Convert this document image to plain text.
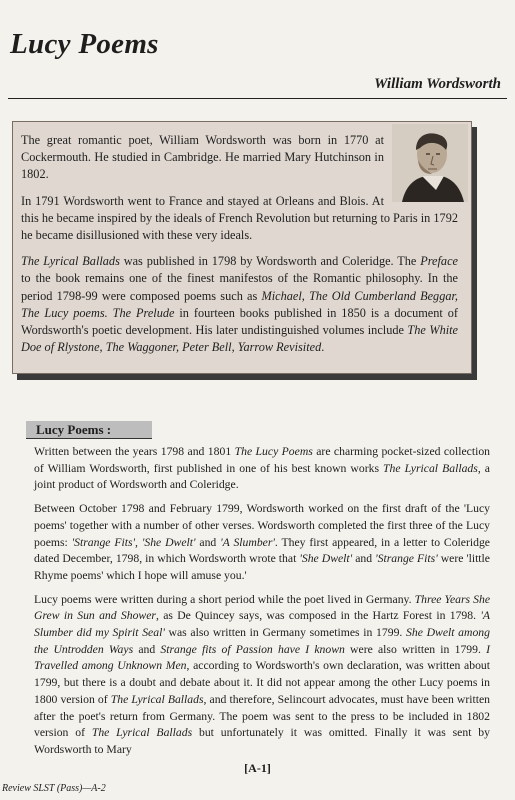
Lucy Poems
William Wordsworth

The great romantic poet, William Wordsworth was born in 1770 at Cockermouth. He studied in Cambridge. He married Mary Hutchinson in 1802.

In 1791 Wordsworth went to France and stayed at Orleans and Blois. At this he became inspired by the ideals of French Revolution but returning to Paris in 1792 he became disillusioned with these very ideals.

The Lyrical Ballads was published in 1798 by Wordsworth and Coleridge. The Preface to the book remains one of the finest manifestos of the Romantic philosophy. In the period 1798-99 were composed poems such as Michael, The Old Cumberland Beggar, The Lucy poems. The Prelude in fourteen books published in 1850 is a document of Wordsworth's poetic development. His later undistinguished volumes include The White Doe of Rlystone, The Waggoner, Peter Bell, Yarrow Revisited.

Lucy Poems :

Written between the years 1798 and 1801 The Lucy Poems are charming pocket-sized collection of William Wordsworth, first published in one of his best known works The Lyrical Ballads, a joint product of Wordsworth and Coleridge.

Between October 1798 and February 1799, Wordsworth worked on the first draft of the 'Lucy poems' together with a number of other verses. Wordsworth completed the first three of the Lucy poems: 'Strange Fits', 'She Dwelt' and 'A Slumber'. They first appeared, in a letter to Coleridge dated December, 1798, in which Wordsworth wrote that 'She Dwelt' and 'Strange Fits' were 'little Rhyme poems' which I hope will amuse you.'

Lucy poems were written during a short period while the poet lived in Germany. Three Years She Grew in Sun and Shower, as De Quincey says, was composed in the Hartz Forest in 1798. 'A Slumber did my Spirit Seal' was also written in Germany sometimes in 1799. She Dwelt among the Untrodden Ways and Strange fits of Passion have I known were also written in 1799. I Travelled among Unknown Men, according to Wordsworth's own declaration, was written about 1799, but there is a doubt and debate about it. It did not appear among the other Lucy poems in 1800 version of The Lyrical Ballads, and therefore, Selincourt advocates, must have been written after the poet's return from Germany. The poem was sent to the press to be included in 1802 version of The Lyrical Ballads but unfortunately it was omitted. Finally it was sent by Wordsworth to Mary

[A-1]
Review SLST (Pass)—A-2
